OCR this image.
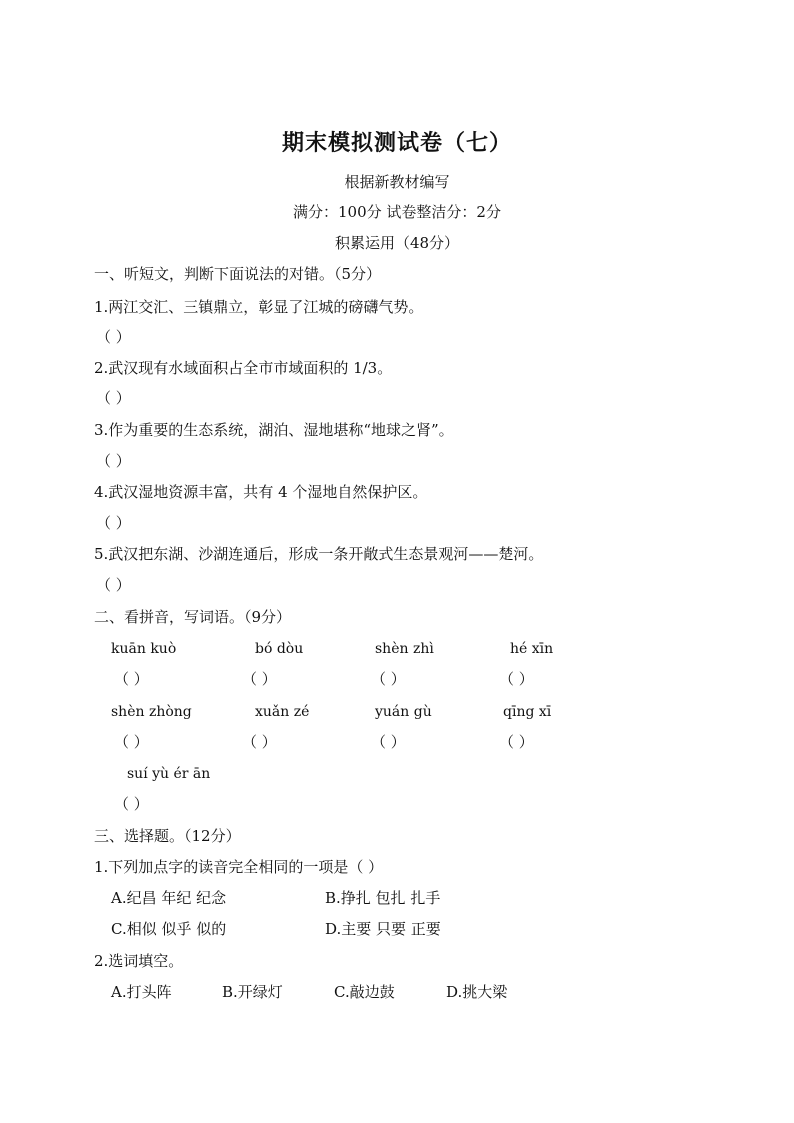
期末模拟测试卷（七）
根据新教材编写
满分：100分 试卷整洁分：2分
积累运用（48分）
一、听短文，判断下面说法的对错。（5分）
1.两江交汇、三镇鼎立，彰显了江城的磅礴气势。
（ ）
2.武汉现有水域面积占全市市域面积的 1/3。
（ ）
3.作为重要的生态系统，湖泊、湿地堪称“地球之肾”。
（ ）
4.武汉湿地资源丰富，共有 4 个湿地自然保护区。
（ ）
5.武汉把东湖、沙湖连通后，形成一条开敞式生态景观河——楚河。
（ ）
二、看拼音，写词语。（9分）
kuān kuò	bó dòu	shèn zhì	hé xīn
（ ）	（ ）	（ ）	（ ）
shèn zhòng	xuǎn zé	yuán gù	qīng xī
（ ）	（ ）	（ ）	（ ）
suí yù ér ān
（ ）
三、选择题。（12分）
1.下列加点字的读音完全相同的一项是（ ）
A.纪昌 年纪 纪念	B.挣扎 包扎 扎手
C.相似 似乎 似的	D.主要 只要 正要
2.选词填空。
A.打头阵	B.开绿灯	C.敲边鼓	D.挑大梁
